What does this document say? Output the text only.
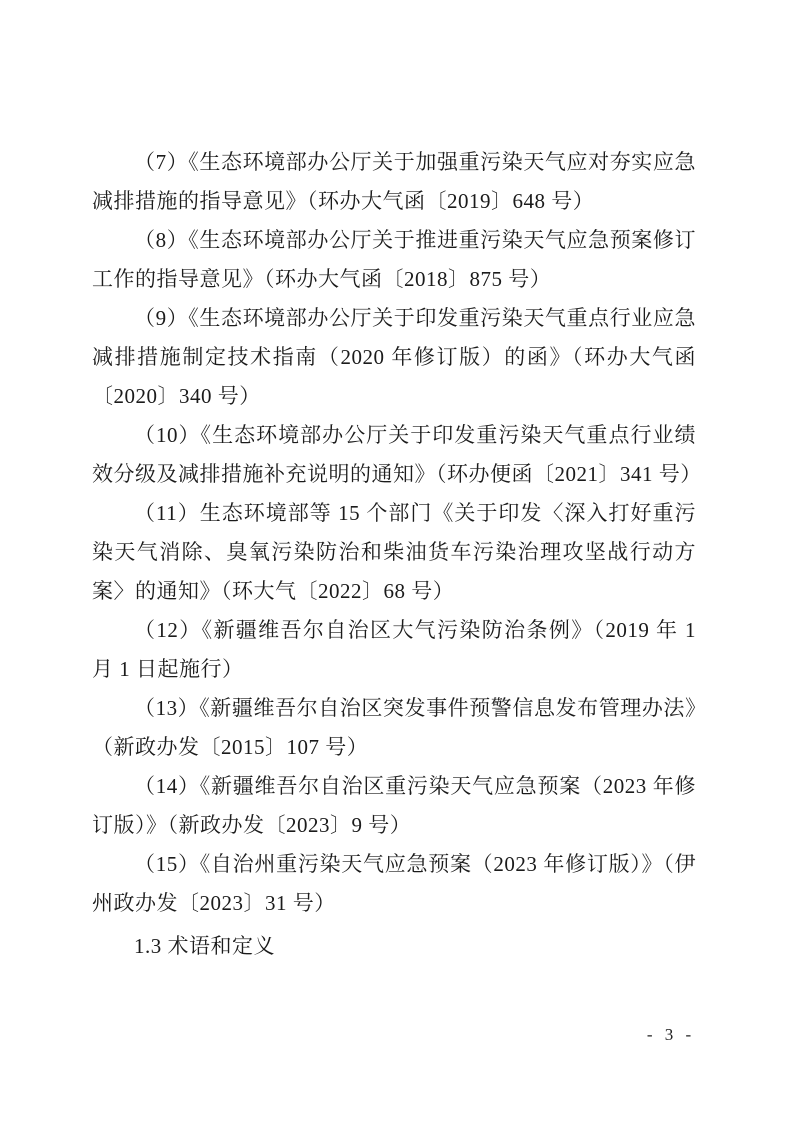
（7）《生态环境部办公厅关于加强重污染天气应对夯实应急减排措施的指导意见》（环办大气函〔2019〕648 号）

（8）《生态环境部办公厅关于推进重污染天气应急预案修订工作的指导意见》（环办大气函〔2018〕875 号）

（9）《生态环境部办公厅关于印发重污染天气重点行业应急减排措施制定技术指南（2020 年修订版）的函》（环办大气函〔2020〕340 号）

（10）《生态环境部办公厅关于印发重污染天气重点行业绩效分级及减排措施补充说明的通知》（环办便函〔2021〕341 号）

（11）生态环境部等 15 个部门《关于印发〈深入打好重污染天气消除、臭氧污染防治和柴油货车污染治理攻坚战行动方案〉的通知》（环大气〔2022〕68 号）

（12）《新疆维吾尔自治区大气污染防治条例》（2019 年 1 月 1 日起施行）

（13）《新疆维吾尔自治区突发事件预警信息发布管理办法》（新政办发〔2015〕107 号）

（14）《新疆维吾尔自治区重污染天气应急预案（2023 年修订版）》（新政办发〔2023〕9 号）

（15）《自治州重污染天气应急预案（2023 年修订版）》（伊州政办发〔2023〕31 号）

1.3 术语和定义

- 3 -
